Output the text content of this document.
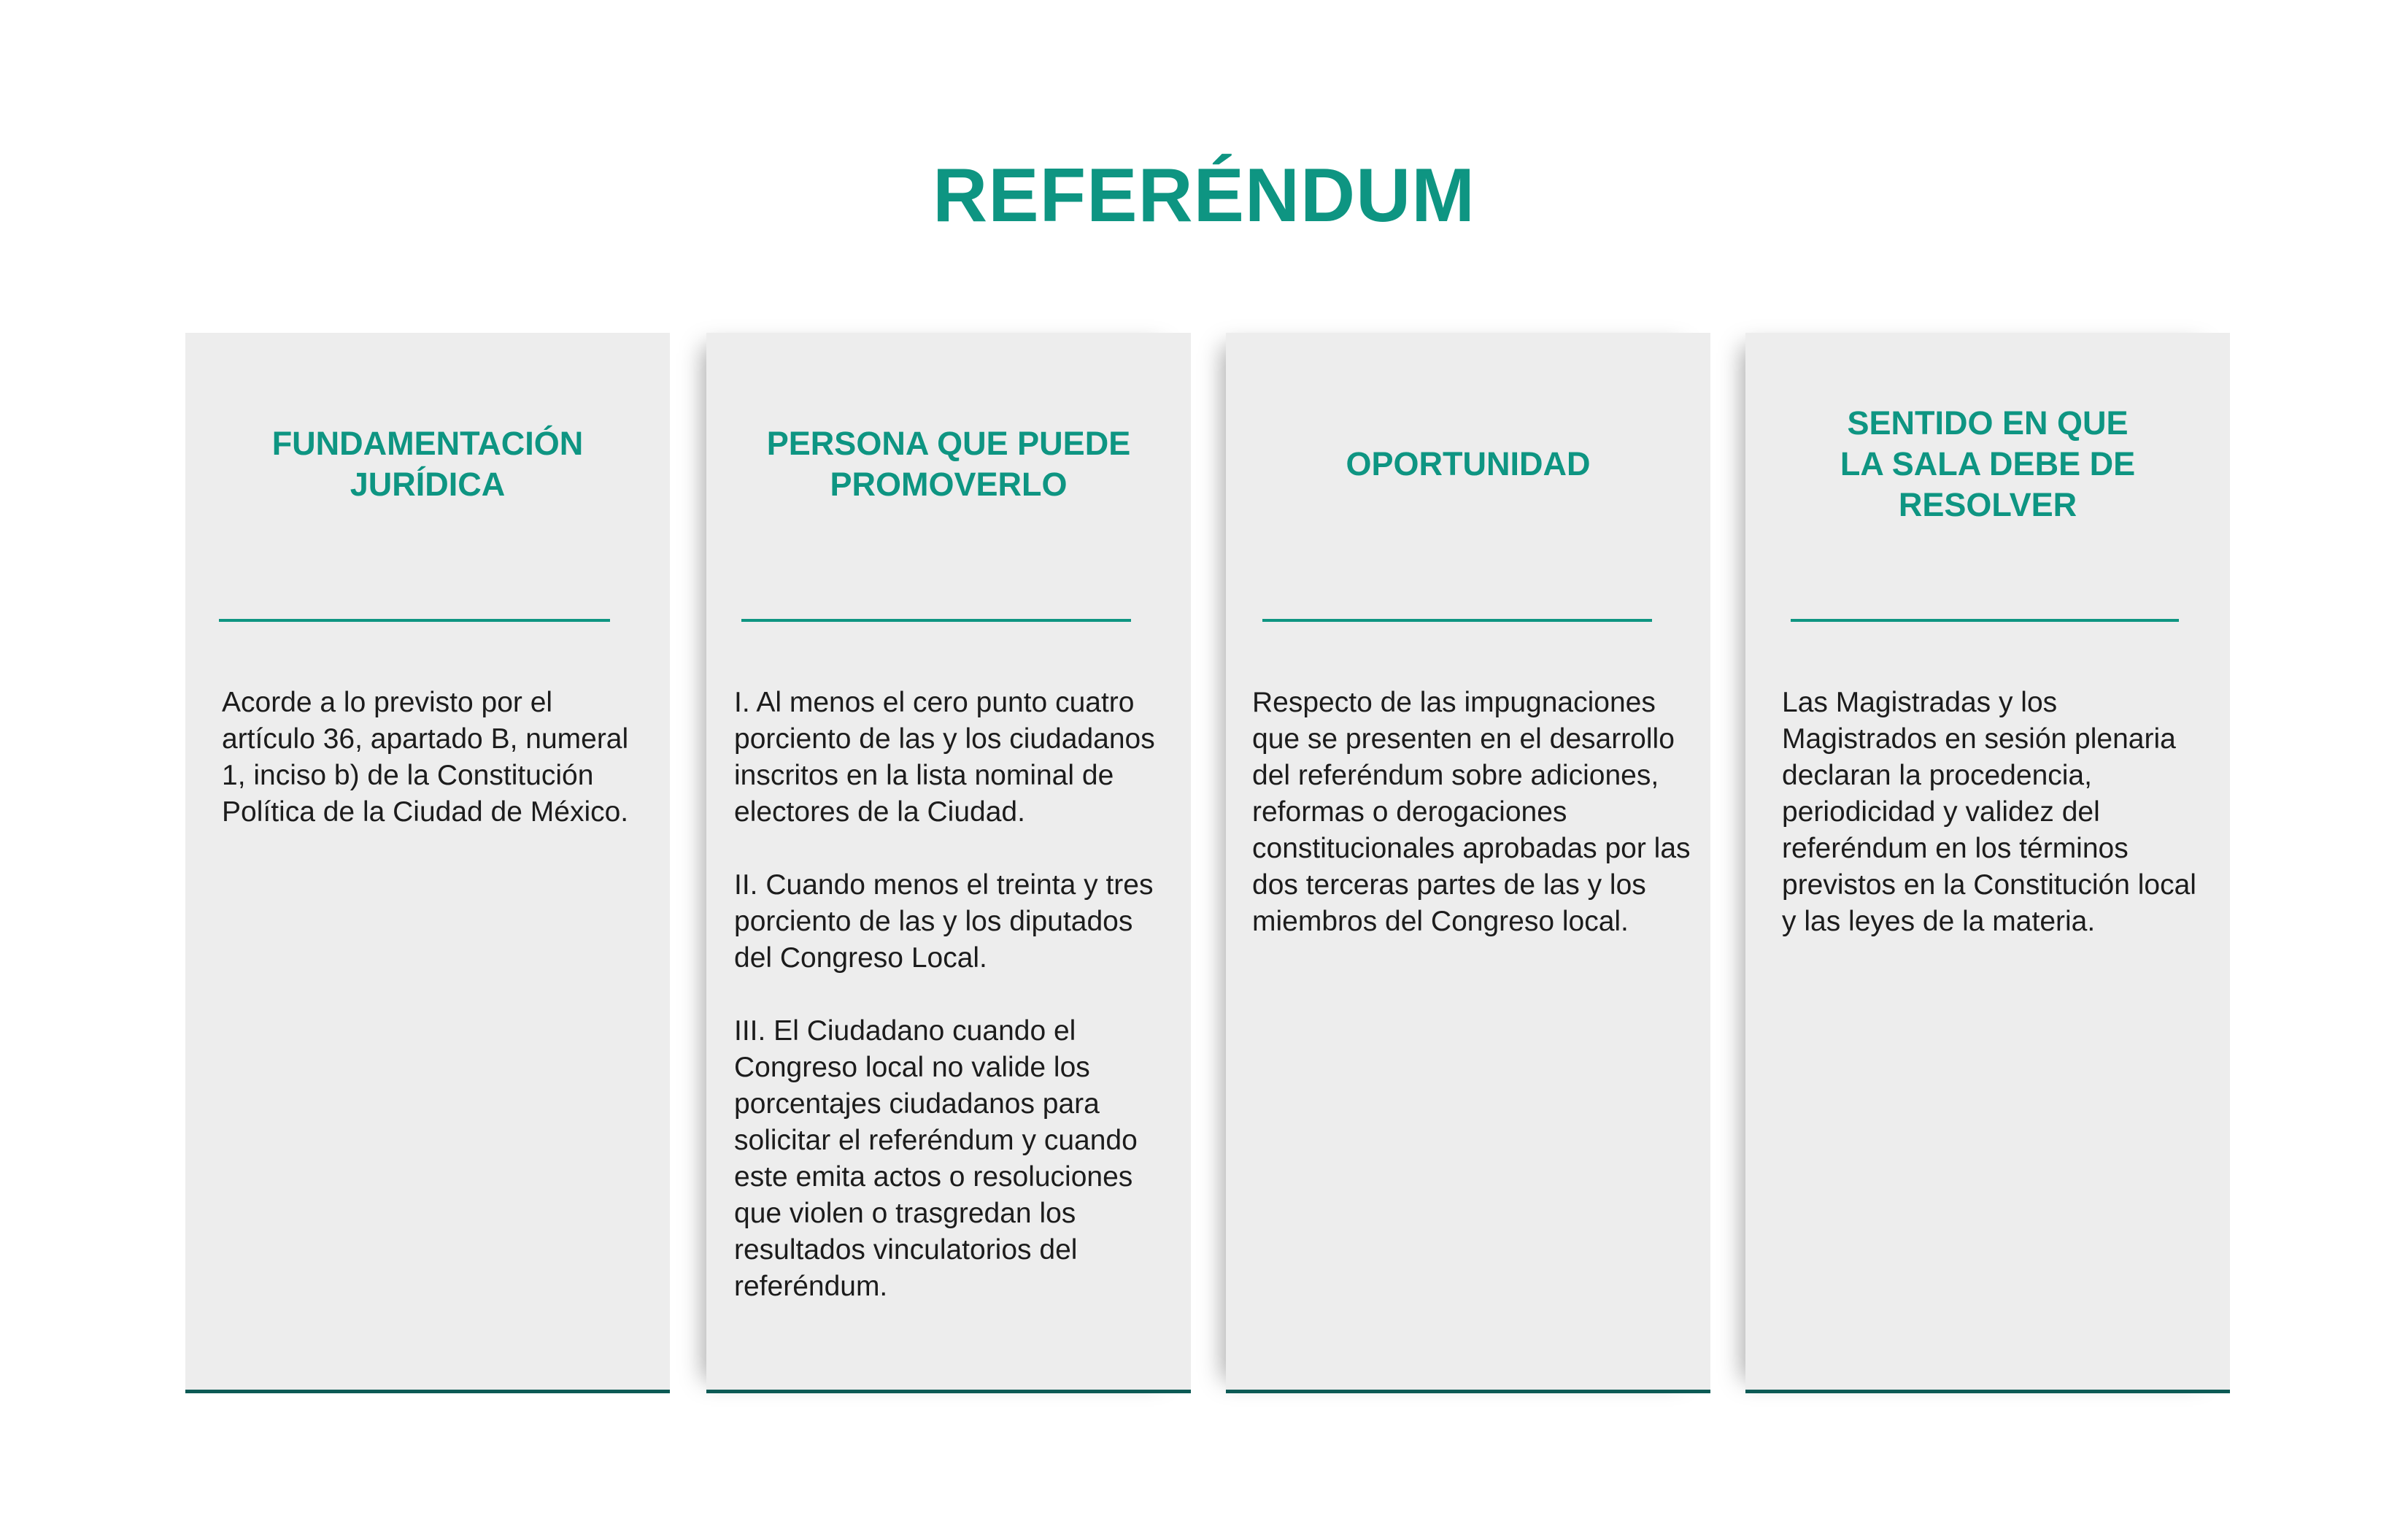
REFERÉNDUM
FUNDAMENTACIÓN
JURÍDICA

Acorde a lo previsto por el artículo 36, apartado B, numeral 1, inciso b) de la Constitución Política de la Ciudad de México.

PERSONA QUE PUEDE
PROMOVERLO

I. Al menos el cero punto cuatro porciento de las y los ciudadanos inscritos en la lista nominal de electores de la Ciudad.

II. Cuando menos el treinta y tres porciento de las y los diputados del Congreso Local.

III. El Ciudadano cuando el Congreso local no valide los porcentajes ciudadanos para solicitar el referéndum y cuando este emita actos o resoluciones que violen o trasgredan los resultados vinculatorios del referéndum.

OPORTUNIDAD

Respecto de las impugnaciones que se presenten en el desarrollo del referéndum sobre adiciones, reformas o derogaciones constitucionales aprobadas por las dos terceras partes de las y los miembros del Congreso local.

SENTIDO EN QUE
LA SALA DEBE DE
RESOLVER

Las Magistradas y los Magistrados en sesión plenaria declaran la procedencia, periodicidad y validez del referéndum en los términos previstos en la Constitución local y las leyes de la materia.
